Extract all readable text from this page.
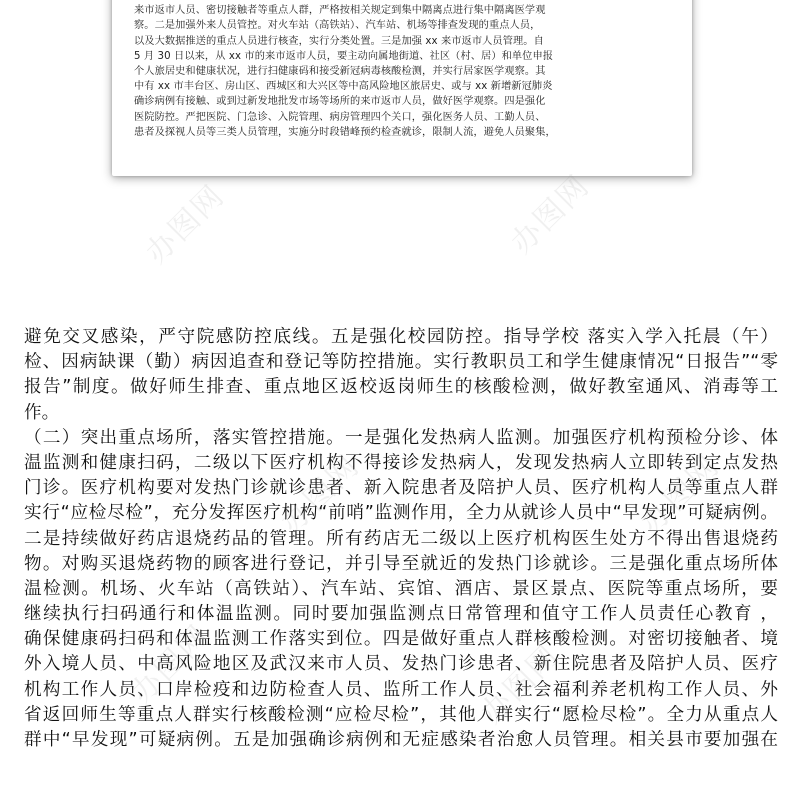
来市返市人员、密切接触者等重点人群，严格按相关规定到集中隔离点进行集中隔离医学观
察。二是加强外来人员管控。对火车站（高铁站）、汽车站、机场等排查发现的重点人员，
以及大数据推送的重点人员进行核查，实行分类处置。三是加强 xx 来市返市人员管理。自
5 月 30 日以来，从 xx 市的来市返市人员，要主动向属地街道、社区（村、居）和单位申报
个人旅居史和健康状况，进行扫健康码和接受新冠病毒核酸检测，并实行居家医学观察。其
中有 xx 市丰台区、房山区、西城区和大兴区等中高风险地区旅居史、或与 xx 新增新冠肺炎
确诊病例有接触、或到过新发地批发市场等场所的来市返市人员，做好医学观察。四是强化
医院防控。严把医院、门急诊、入院管理、病房管理四个关口，强化医务人员、工勤人员、
患者及探视人员等三类人员管理，实施分时段错峰预约检查就诊，限制人流，避免人员聚集，
办图网	办图网
办图网	办图网
避免交叉感染，严守院感防控底线。五是强化校园防控。指导学校 落实入学入托晨（午）
检、因病缺课（勤）病因追查和登记等防控措施。实行教职员工和学生健康情况“日报告”“零
报告”制度。做好师生排查、重点地区返校返岗师生的核酸检测，做好教室通风、消毒等工
作。
（二）突出重点场所，落实管控措施。一是强化发热病人监测。加强医疗机构预检分诊、体
温监测和健康扫码，二级以下医疗机构不得接诊发热病人，发现发热病人立即转到定点发热
门诊。医疗机构要对发热门诊就诊患者、新入院患者及陪护人员、医疗机构人员等重点人群
实行“应检尽检”，充分发挥医疗机构“前哨”监测作用，全力从就诊人员中“早发现”可疑病例。
二是持续做好药店退烧药品的管理。所有药店无二级以上医疗机构医生处方不得出售退烧药
物。对购买退烧药物的顾客进行登记，并引导至就近的发热门诊就诊。三是强化重点场所体
温检测。机场、火车站（高铁站）、汽车站、宾馆、酒店、景区景点、医院等重点场所，要
继续执行扫码通行和体温监测。同时要加强监测点日常管理和值守工作人员责任心教育 ，
确保健康码扫码和体温监测工作落实到位。四是做好重点人群核酸检测。对密切接触者、境
外入境人员、中高风险地区及武汉来市人员、发热门诊患者、新住院患者及陪护人员、医疗
机构工作人员、口岸检疫和边防检查人员、监所工作人员、社会福利养老机构工作人员、外
省返回师生等重点人群实行核酸检测“应检尽检”，其他人群实行“愿检尽检”。全力从重点人
群中“早发现”可疑病例。五是加强确诊病例和无症感染者治愈人员管理。相关县市要加强在
